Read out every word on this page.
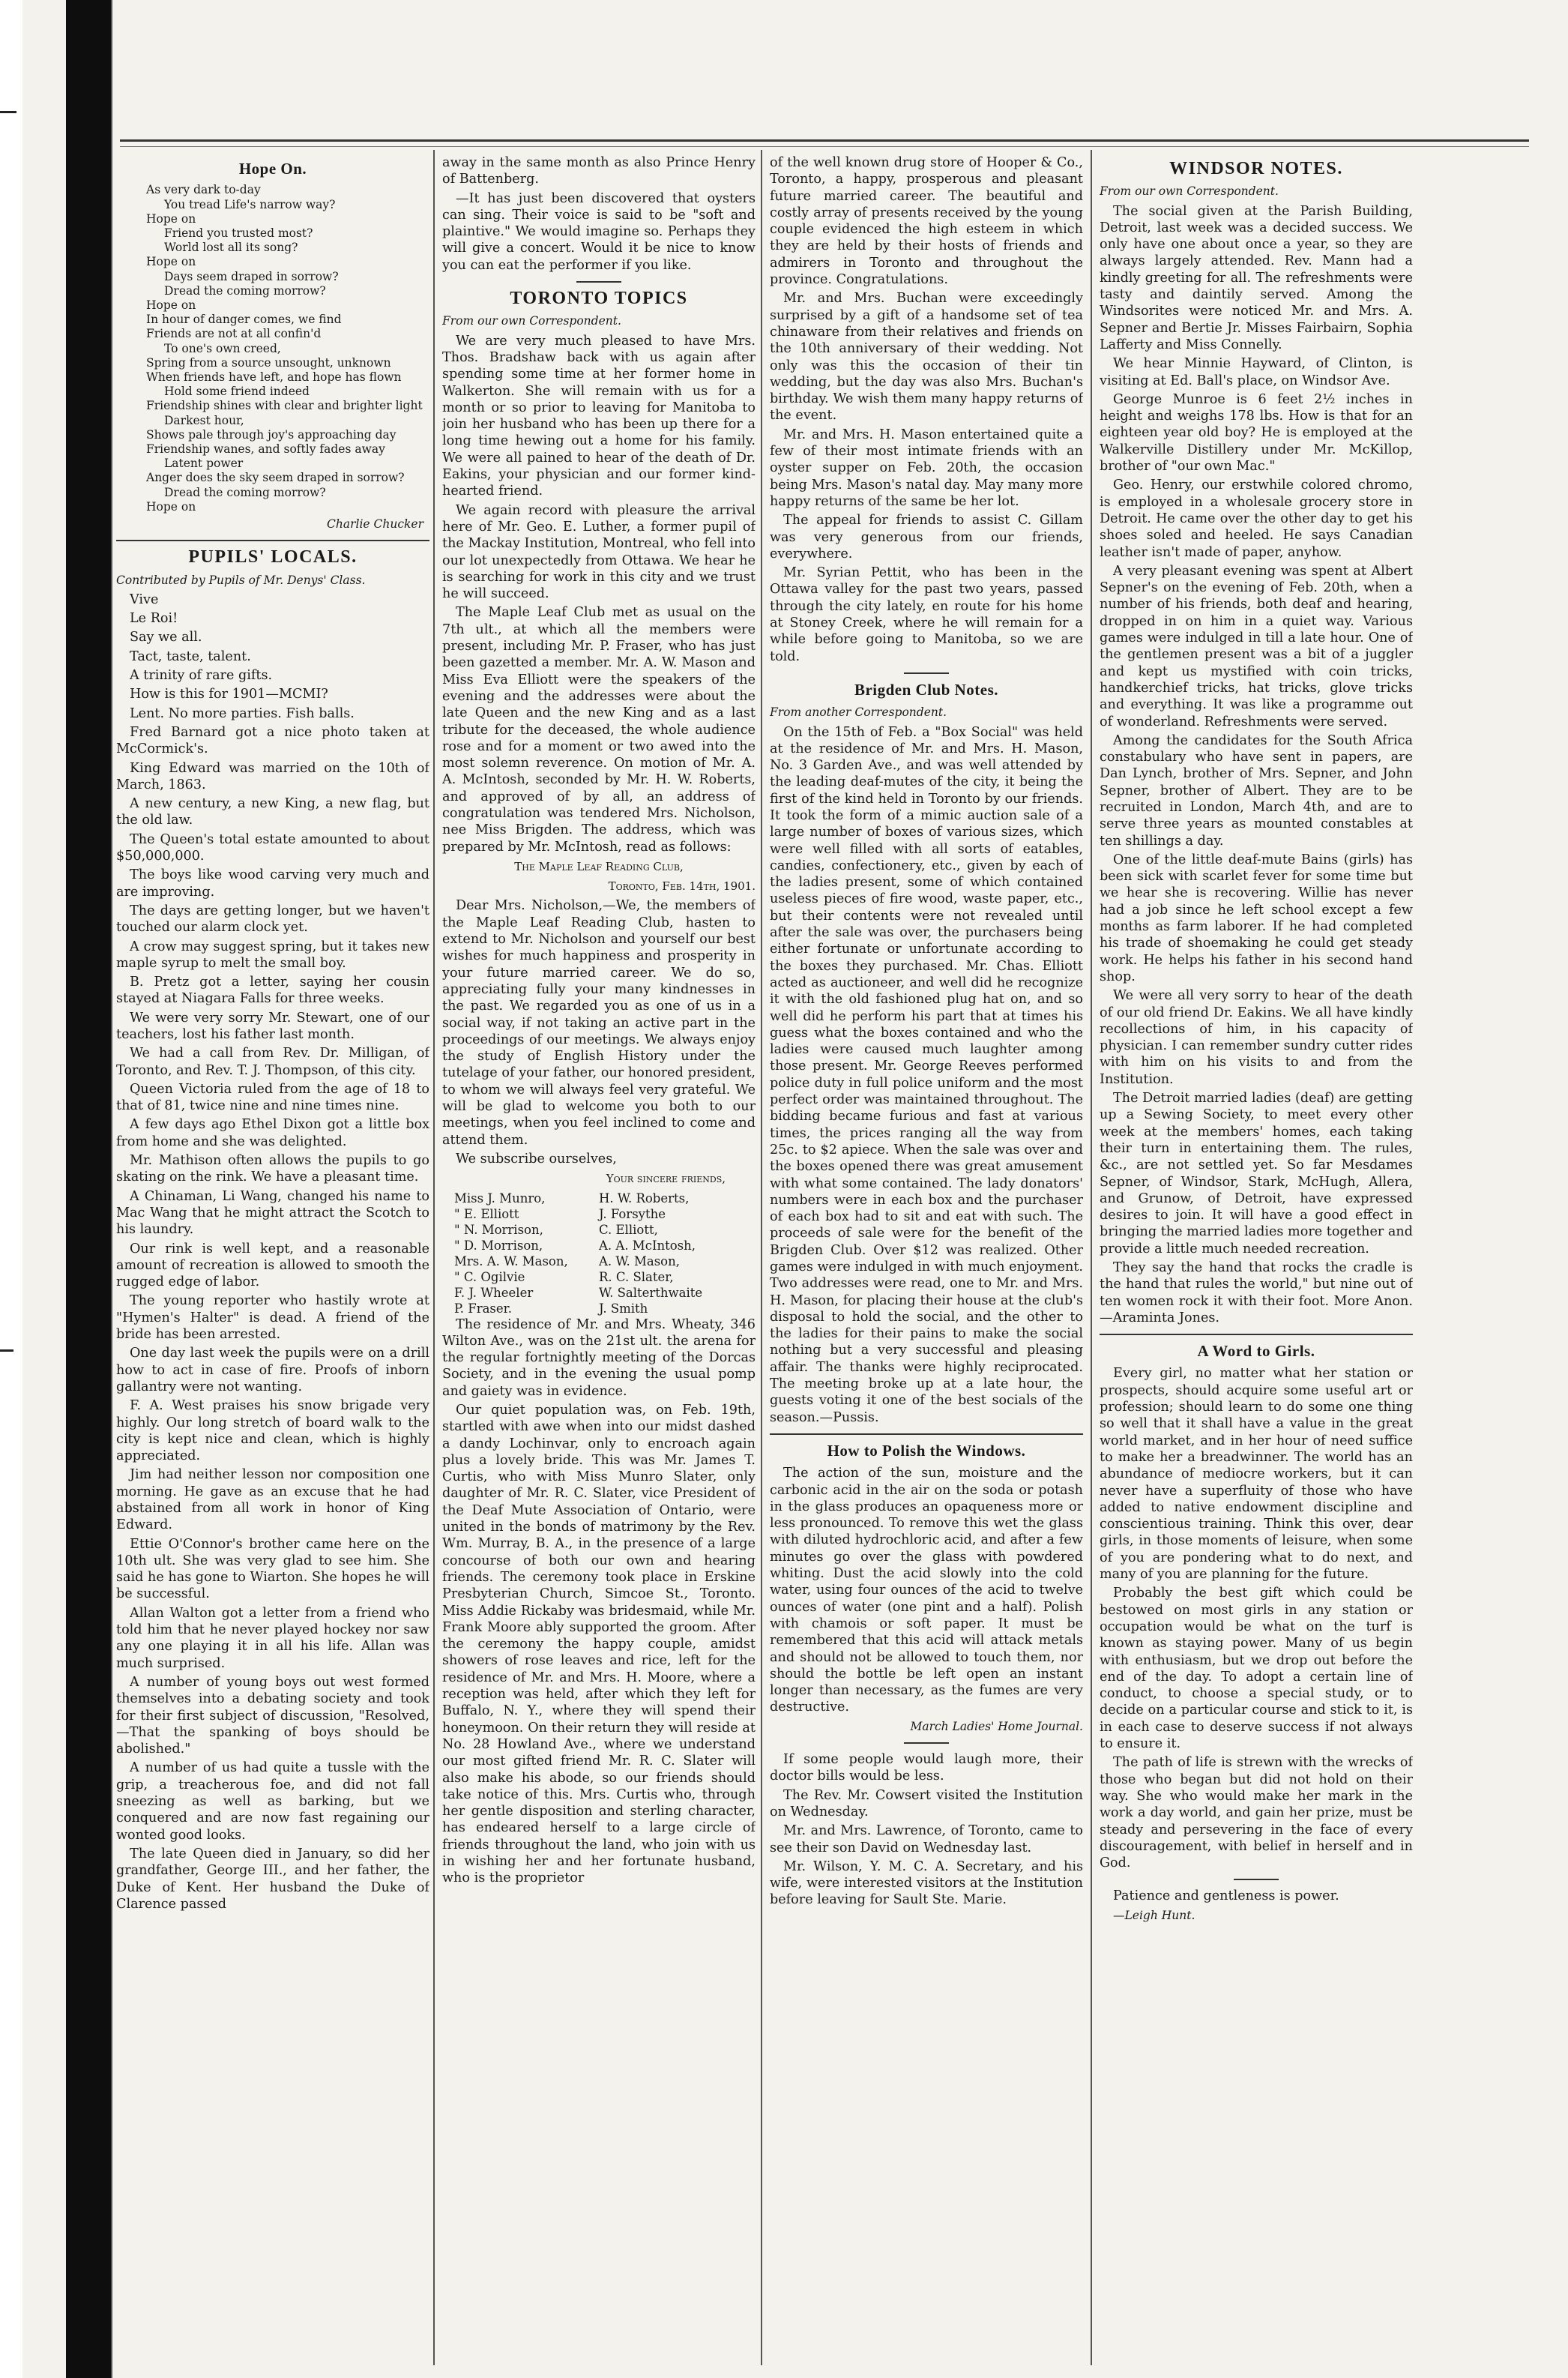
Hope On.
As very dark to-day
You tread Life's narrow way?
Hope on
Friend you trusted most?
World lost all its song?
Hope on
Days seem draped in sorrow?
Dread the coming morrow?
Hope on
In hour of danger comes, we find
Friends are not at all confin'd
To one's own creed,
Spring from a source unsought, unknown
When friends have left, and hope has flown
Hold some friend indeed
Friendship shines with clear and brighter light
Darkest hour,
Shows pale through joy's approaching day
Friendship wanes, and softly fades away
Latent power
Anger does the sky seem draped in sorrow?
Dread the coming morrow?
Hope on
Charlie Chucker
PUPILS' LOCALS.
Contributed by Pupils of Mr. Denys' Class.

Vive

Le Roi!

Say we all.

Tact, taste, talent.

A trinity of rare gifts.

How is this for 1901—MCMI?

Lent. No more parties. Fish balls.

Fred Barnard got a nice photo taken at McCormick's.

King Edward was married on the 10th of March, 1863.

A new century, a new King, a new flag, but the old law.

The Queen's total estate amounted to about $50,000,000.

The boys like wood carving very much and are improving.

The days are getting longer, but we haven't touched our alarm clock yet.

A crow may suggest spring, but it takes new maple syrup to melt the small boy.

B. Pretz got a letter, saying her cousin stayed at Niagara Falls for three weeks.

We were very sorry Mr. Stewart, one of our teachers, lost his father last month.

We had a call from Rev. Dr. Milligan, of Toronto, and Rev. T. J. Thompson, of this city.

Queen Victoria ruled from the age of 18 to that of 81, twice nine and nine times nine.

A few days ago Ethel Dixon got a little box from home and she was delighted.

Mr. Mathison often allows the pupils to go skating on the rink. We have a pleasant time.

A Chinaman, Li Wang, changed his name to Mac Wang that he might attract the Scotch to his laundry.

Our rink is well kept, and a reasonable amount of recreation is allowed to smooth the rugged edge of labor.

The young reporter who hastily wrote at "Hymen's Halter" is dead. A friend of the bride has been arrested.

One day last week the pupils were on a drill how to act in case of fire. Proofs of inborn gallantry were not wanting.

F. A. West praises his snow brigade very highly. Our long stretch of board walk to the city is kept nice and clean, which is highly appreciated.

Jim had neither lesson nor composition one morning. He gave as an excuse that he had abstained from all work in honor of King Edward.

Ettie O'Connor's brother came here on the 10th ult. She was very glad to see him. She said he has gone to Wiarton. She hopes he will be successful.

Allan Walton got a letter from a friend who told him that he never played hockey nor saw any one playing it in all his life. Allan was much surprised.

A number of young boys out west formed themselves into a debating society and took for their first subject of discussion, "Resolved,—That the spanking of boys should be abolished."

A number of us had quite a tussle with the grip, a treacherous foe, and did not fall sneezing as well as barking, but we conquered and are now fast regaining our wonted good looks.

The late Queen died in January, so did her grandfather, George III., and her father, the Duke of Kent. Her husband the Duke of Clarence passed

away in the same month as also Prince Henry of Battenberg.

—It has just been discovered that oysters can sing. Their voice is said to be "soft and plaintive." We would imagine so. Perhaps they will give a concert. Would it be nice to know you can eat the performer if you like.

TORONTO TOPICS
From our own Correspondent.

We are very much pleased to have Mrs. Thos. Bradshaw back with us again after spending some time at her former home in Walkerton. She will remain with us for a month or so prior to leaving for Manitoba to join her husband who has been up there for a long time hewing out a home for his family. We were all pained to hear of the death of Dr. Eakins, your physician and our former kind-hearted friend.

We again record with pleasure the arrival here of Mr. Geo. E. Luther, a former pupil of the Mackay Institution, Montreal, who fell into our lot unexpectedly from Ottawa. We hear he is searching for work in this city and we trust he will succeed.

The Maple Leaf Club met as usual on the 7th ult., at which all the members were present, including Mr. P. Fraser, who has just been gazetted a member. Mr. A. W. Mason and Miss Eva Elliott were the speakers of the evening and the addresses were about the late Queen and the new King and as a last tribute for the deceased, the whole audience rose and for a moment or two awed into the most solemn reverence. On motion of Mr. A. A. McIntosh, seconded by Mr. H. W. Roberts, and approved of by all, an address of congratulation was tendered Mrs. Nicholson, nee Miss Brigden. The address, which was prepared by Mr. McIntosh, read as follows:

The Maple Leaf Reading Club,
Toronto, Feb. 14th, 1901.

Dear Mrs. Nicholson,—We, the members of the Maple Leaf Reading Club, hasten to extend to Mr. Nicholson and yourself our best wishes for much happiness and prosperity in your future married career. We do so, appreciating fully your many kindnesses in the past. We regarded you as one of us in a social way, if not taking an active part in the proceedings of our meetings. We always enjoy the study of English History under the tutelage of your father, our honored president, to whom we will always feel very grateful. We will be glad to welcome you both to our meetings, when you feel inclined to come and attend them.

We subscribe ourselves,

Your sincere friends,
Miss J. Munro,	H. W. Roberts,
" E. Elliott	J. Forsythe
" N. Morrison,	C. Elliott,
" D. Morrison,	A. A. McIntosh,
Mrs. A. W. Mason,	A. W. Mason,
" C. Ogilvie	R. C. Slater,
F. J. Wheeler	W. Salterthwaite
P. Fraser.	J. Smith

The residence of Mr. and Mrs. Wheaty, 346 Wilton Ave., was on the 21st ult. the arena for the regular fortnightly meeting of the Dorcas Society, and in the evening the usual pomp and gaiety was in evidence.

Our quiet population was, on Feb. 19th, startled with awe when into our midst dashed a dandy Lochinvar, only to encroach again plus a lovely bride. This was Mr. James T. Curtis, who with Miss Munro Slater, only daughter of Mr. R. C. Slater, vice President of the Deaf Mute Association of Ontario, were united in the bonds of matrimony by the Rev. Wm. Murray, B. A., in the presence of a large concourse of both our own and hearing friends. The ceremony took place in Erskine Presbyterian Church, Simcoe St., Toronto. Miss Addie Rickaby was bridesmaid, while Mr. Frank Moore ably supported the groom. After the ceremony the happy couple, amidst showers of rose leaves and rice, left for the residence of Mr. and Mrs. H. Moore, where a reception was held, after which they left for Buffalo, N. Y., where they will spend their honeymoon. On their return they will reside at No. 28 Howland Ave., where we understand our most gifted friend Mr. R. C. Slater will also make his abode, so our friends should take notice of this. Mrs. Curtis who, through her gentle disposition and sterling character, has endeared herself to a large circle of friends throughout the land, who join with us in wishing her and her fortunate husband, who is the proprietor

of the well known drug store of Hooper & Co., Toronto, a happy, prosperous and pleasant future married career. The beautiful and costly array of presents received by the young couple evidenced the high esteem in which they are held by their hosts of friends and admirers in Toronto and throughout the province. Congratulations.

Mr. and Mrs. Buchan were exceedingly surprised by a gift of a handsome set of tea chinaware from their relatives and friends on the 10th anniversary of their wedding. Not only was this the occasion of their tin wedding, but the day was also Mrs. Buchan's birthday. We wish them many happy returns of the event.

Mr. and Mrs. H. Mason entertained quite a few of their most intimate friends with an oyster supper on Feb. 20th, the occasion being Mrs. Mason's natal day. May many more happy returns of the same be her lot.

The appeal for friends to assist C. Gillam was very generous from our friends, everywhere.

Mr. Syrian Pettit, who has been in the Ottawa valley for the past two years, passed through the city lately, en route for his home at Stoney Creek, where he will remain for a while before going to Manitoba, so we are told.

Brigden Club Notes.
From another Correspondent.

On the 15th of Feb. a "Box Social" was held at the residence of Mr. and Mrs. H. Mason, No. 3 Garden Ave., and was well attended by the leading deaf-mutes of the city, it being the first of the kind held in Toronto by our friends. It took the form of a mimic auction sale of a large number of boxes of various sizes, which were well filled with all sorts of eatables, candies, confectionery, etc., given by each of the ladies present, some of which contained useless pieces of fire wood, waste paper, etc., but their contents were not revealed until after the sale was over, the purchasers being either fortunate or unfortunate according to the boxes they purchased. Mr. Chas. Elliott acted as auctioneer, and well did he recognize it with the old fashioned plug hat on, and so well did he perform his part that at times his guess what the boxes contained and who the ladies were caused much laughter among those present. Mr. George Reeves performed police duty in full police uniform and the most perfect order was maintained throughout. The bidding became furious and fast at various times, the prices ranging all the way from 25c. to $2 apiece. When the sale was over and the boxes opened there was great amusement with what some contained. The lady donators' numbers were in each box and the purchaser of each box had to sit and eat with such. The proceeds of sale were for the benefit of the Brigden Club. Over $12 was realized. Other games were indulged in with much enjoyment. Two addresses were read, one to Mr. and Mrs. H. Mason, for placing their house at the club's disposal to hold the social, and the other to the ladies for their pains to make the social nothing but a very successful and pleasing affair. The thanks were highly reciprocated. The meeting broke up at a late hour, the guests voting it one of the best socials of the season.—Pussis.

How to Polish the Windows.

The action of the sun, moisture and the carbonic acid in the air on the soda or potash in the glass produces an opaqueness more or less pronounced. To remove this wet the glass with diluted hydrochloric acid, and after a few minutes go over the glass with powdered whiting. Dust the acid slowly into the cold water, using four ounces of the acid to twelve ounces of water (one pint and a half). Polish with chamois or soft paper. It must be remembered that this acid will attack metals and should not be allowed to touch them, nor should the bottle be left open an instant longer than necessary, as the fumes are very destructive.

March Ladies' Home Journal.

If some people would laugh more, their doctor bills would be less.

The Rev. Mr. Cowsert visited the Institution on Wednesday.

Mr. and Mrs. Lawrence, of Toronto, came to see their son David on Wednesday last.

Mr. Wilson, Y. M. C. A. Secretary, and his wife, were interested visitors at the Institution before leaving for Sault Ste. Marie.

WINDSOR NOTES.
From our own Correspondent.

The social given at the Parish Building, Detroit, last week was a decided success. We only have one about once a year, so they are always largely attended. Rev. Mann had a kindly greeting for all. The refreshments were tasty and daintily served. Among the Windsorites were noticed Mr. and Mrs. A. Sepner and Bertie Jr. Misses Fairbairn, Sophia Lafferty and Miss Connelly.

We hear Minnie Hayward, of Clinton, is visiting at Ed. Ball's place, on Windsor Ave.

George Munroe is 6 feet 2½ inches in height and weighs 178 lbs. How is that for an eighteen year old boy? He is employed at the Walkerville Distillery under Mr. McKillop, brother of "our own Mac."

Geo. Henry, our erstwhile colored chromo, is employed in a wholesale grocery store in Detroit. He came over the other day to get his shoes soled and heeled. He says Canadian leather isn't made of paper, anyhow.

A very pleasant evening was spent at Albert Sepner's on the evening of Feb. 20th, when a number of his friends, both deaf and hearing, dropped in on him in a quiet way. Various games were indulged in till a late hour. One of the gentlemen present was a bit of a juggler and kept us mystified with coin tricks, handkerchief tricks, hat tricks, glove tricks and everything. It was like a programme out of wonderland. Refreshments were served.

Among the candidates for the South Africa constabulary who have sent in papers, are Dan Lynch, brother of Mrs. Sepner, and John Sepner, brother of Albert. They are to be recruited in London, March 4th, and are to serve three years as mounted constables at ten shillings a day.

One of the little deaf-mute Bains (girls) has been sick with scarlet fever for some time but we hear she is recovering. Willie has never had a job since he left school except a few months as farm laborer. If he had completed his trade of shoemaking he could get steady work. He helps his father in his second hand shop.

We were all very sorry to hear of the death of our old friend Dr. Eakins. We all have kindly recollections of him, in his capacity of physician. I can remember sundry cutter rides with him on his visits to and from the Institution.

The Detroit married ladies (deaf) are getting up a Sewing Society, to meet every other week at the members' homes, each taking their turn in entertaining them. The rules, &c., are not settled yet. So far Mesdames Sepner, of Windsor, Stark, McHugh, Allera, and Grunow, of Detroit, have expressed desires to join. It will have a good effect in bringing the married ladies more together and provide a little much needed recreation.

They say the hand that rocks the cradle is the hand that rules the world," but nine out of ten women rock it with their foot. More Anon.—Araminta Jones.

A Word to Girls.

Every girl, no matter what her station or prospects, should acquire some useful art or profession; should learn to do some one thing so well that it shall have a value in the great world market, and in her hour of need suffice to make her a breadwinner. The world has an abundance of mediocre workers, but it can never have a superfluity of those who have added to native endowment discipline and conscientious training. Think this over, dear girls, in those moments of leisure, when some of you are pondering what to do next, and many of you are planning for the future.

Probably the best gift which could be bestowed on most girls in any station or occupation would be what on the turf is known as staying power. Many of us begin with enthusiasm, but we drop out before the end of the day. To adopt a certain line of conduct, to choose a special study, or to decide on a particular course and stick to it, is in each case to deserve success if not always to ensure it.

The path of life is strewn with the wrecks of those who began but did not hold on their way. She who would make her mark in the work a day world, and gain her prize, must be steady and persevering in the face of every discouragement, with belief in herself and in God.

Patience and gentleness is power.

—Leigh Hunt.
